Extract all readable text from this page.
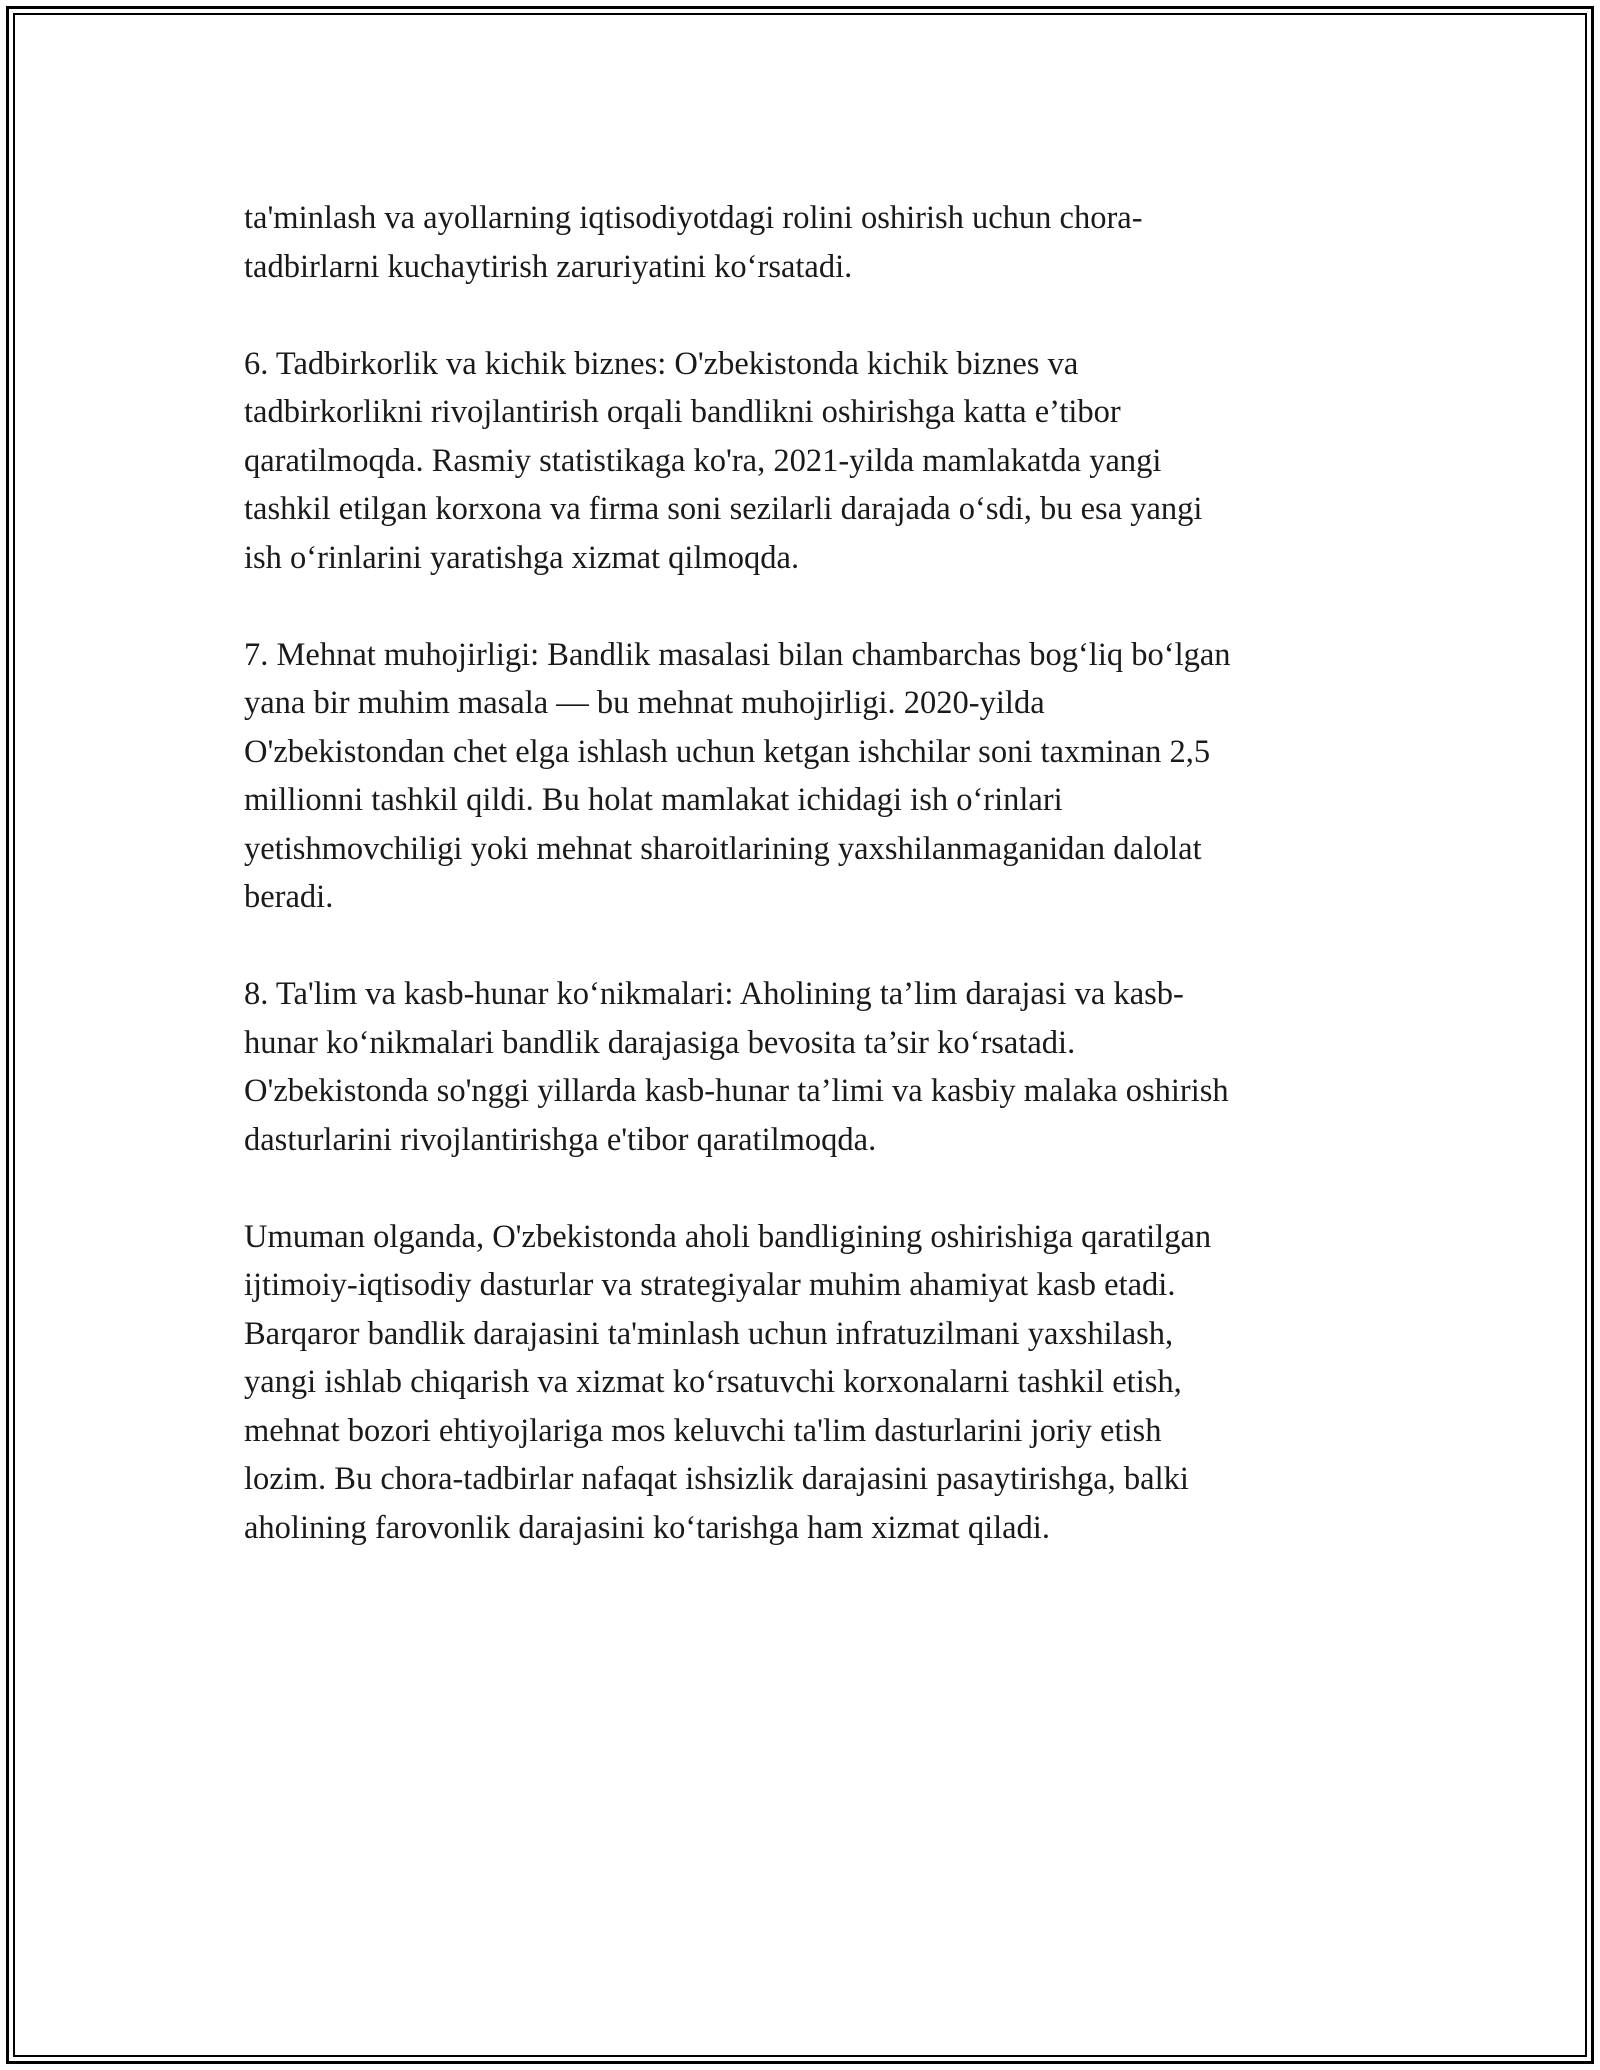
ta'minlash va ayollarning iqtisodiyotdagi rolini oshirish uchun chora-
tadbirlarni kuchaytirish zaruriyatini ko‘rsatadi.

6. Tadbirkorlik va kichik biznes: O'zbekistonda kichik biznes va
tadbirkorlikni rivojlantirish orqali bandlikni oshirishga katta e’tibor
qaratilmoqda. Rasmiy statistikaga ko'ra, 2021-yilda mamlakatda yangi
tashkil etilgan korxona va firma soni sezilarli darajada o‘sdi, bu esa yangi
ish o‘rinlarini yaratishga xizmat qilmoqda.

7. Mehnat muhojirligi: Bandlik masalasi bilan chambarchas bog‘liq bo‘lgan
yana bir muhim masala — bu mehnat muhojirligi. 2020-yilda
O'zbekistondan chet elga ishlash uchun ketgan ishchilar soni taxminan 2,5
millionni tashkil qildi. Bu holat mamlakat ichidagi ish o‘rinlari
yetishmovchiligi yoki mehnat sharoitlarining yaxshilanmaganidan dalolat
beradi.

8. Ta'lim va kasb-hunar ko‘nikmalari: Aholining ta’lim darajasi va kasb-
hunar ko‘nikmalari bandlik darajasiga bevosita ta’sir ko‘rsatadi.
O'zbekistonda so'nggi yillarda kasb-hunar ta’limi va kasbiy malaka oshirish
dasturlarini rivojlantirishga e'tibor qaratilmoqda.

Umuman olganda, O'zbekistonda aholi bandligining oshirishiga qaratilgan
ijtimoiy-iqtisodiy dasturlar va strategiyalar muhim ahamiyat kasb etadi.
Barqaror bandlik darajasini ta'minlash uchun infratuzilmani yaxshilash,
yangi ishlab chiqarish va xizmat ko‘rsatuvchi korxonalarni tashkil etish,
mehnat bozori ehtiyojlariga mos keluvchi ta'lim dasturlarini joriy etish
lozim. Bu chora-tadbirlar nafaqat ishsizlik darajasini pasaytirishga, balki
aholining farovonlik darajasini ko‘tarishga ham xizmat qiladi.
